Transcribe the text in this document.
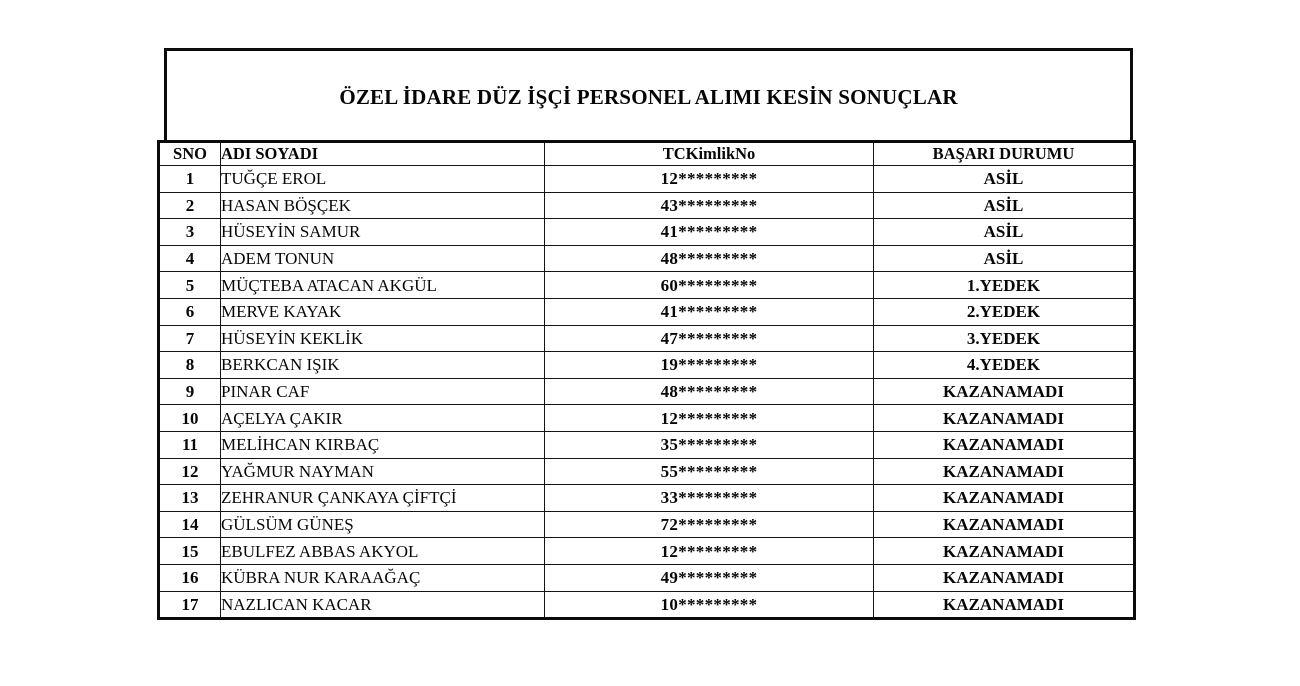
ÖZEL İDARE DÜZ İŞÇİ PERSONEL ALIMI KESİN SONUÇLAR
SNO	ADI SOYADI	TCKimlikNo	BAŞARI DURUMU
1	TUĞÇE EROL	12*********	ASİL
2	HASAN BÖŞÇEK	43*********	ASİL
3	HÜSEYİN SAMUR	41*********	ASİL
4	ADEM TONUN	48*********	ASİL
5	MÜÇTEBA ATACAN AKGÜL	60*********	1.YEDEK
6	MERVE KAYAK	41*********	2.YEDEK
7	HÜSEYİN KEKLİK	47*********	3.YEDEK
8	BERKCAN IŞIK	19*********	4.YEDEK
9	PINAR CAF	48*********	KAZANAMADI
10	AÇELYA ÇAKIR	12*********	KAZANAMADI
11	MELİHCAN KIRBAÇ	35*********	KAZANAMADI
12	YAĞMUR NAYMAN	55*********	KAZANAMADI
13	ZEHRANUR ÇANKAYA ÇİFTÇİ	33*********	KAZANAMADI
14	GÜLSÜM GÜNEŞ	72*********	KAZANAMADI
15	EBULFEZ ABBAS AKYOL	12*********	KAZANAMADI
16	KÜBRA NUR KARAAĞAÇ	49*********	KAZANAMADI
17	NAZLICAN KACAR	10*********	KAZANAMADI
